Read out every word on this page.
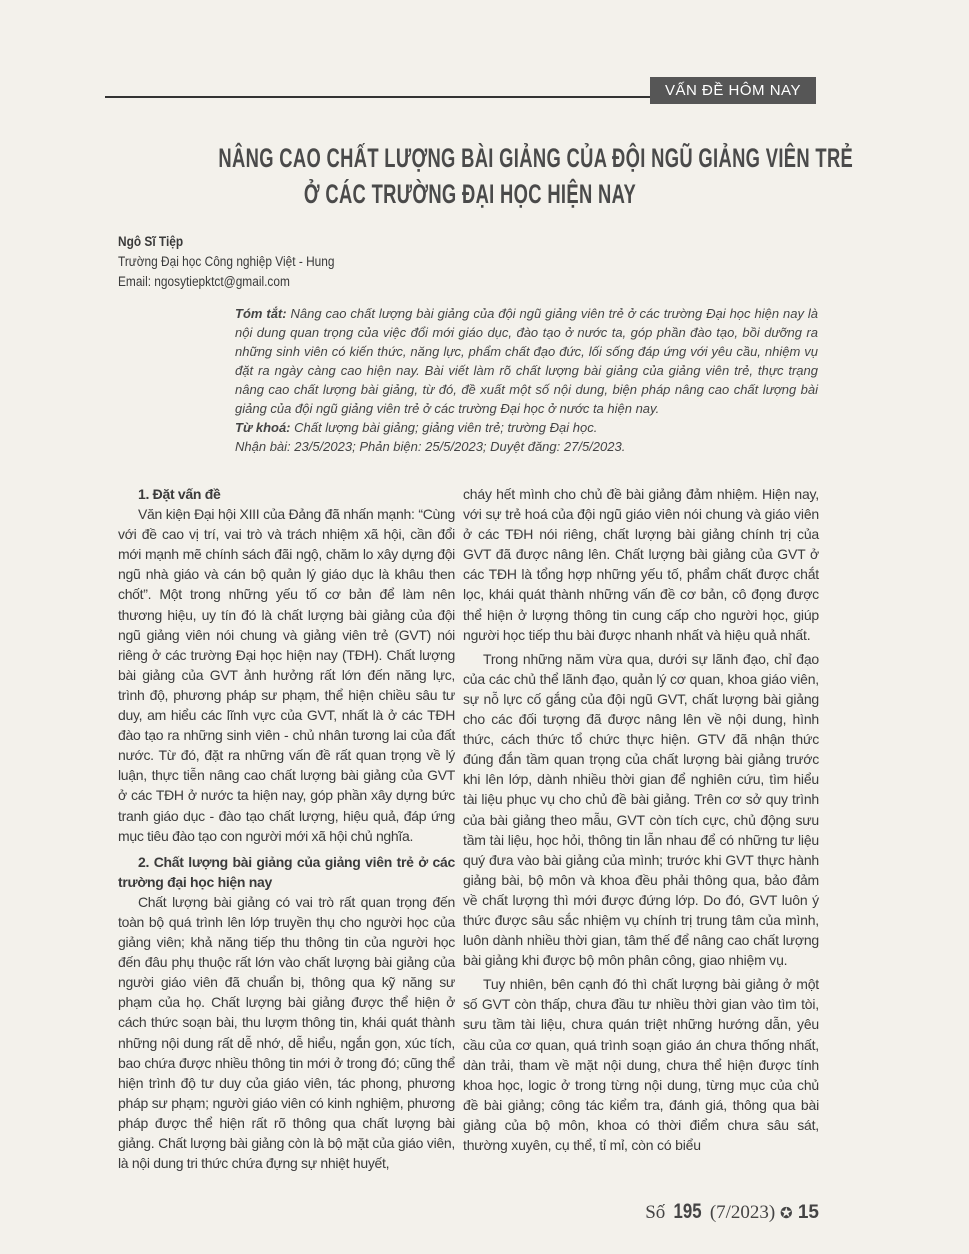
VẤN ĐỀ HÔM NAY
NÂNG CAO CHẤT LƯỢNG BÀI GIẢNG CỦA ĐỘI NGŨ GIẢNG VIÊN TRẺ
Ở CÁC TRƯỜNG ĐẠI HỌC HIỆN NAY
Ngô Sĩ Tiệp
Trường Đại học Công nghiệp Việt - Hung
Email: ngosytiepktct@gmail.com
Tóm tắt: Nâng cao chất lượng bài giảng của đội ngũ giảng viên trẻ ở các trường Đại học hiện nay là nội dung quan trọng của việc đổi mới giáo dục, đào tạo ở nước ta, góp phần đào tạo, bồi dưỡng ra những sinh viên có kiến thức, năng lực, phẩm chất đạo đức, lối sống đáp ứng với yêu cầu, nhiệm vụ đặt ra ngày càng cao hiện nay. Bài viết làm rõ chất lượng bài giảng của giảng viên trẻ, thực trạng nâng cao chất lượng bài giảng, từ đó, đề xuất một số nội dung, biện pháp nâng cao chất lượng bài giảng của đội ngũ giảng viên trẻ ở các trường Đại học ở nước ta hiện nay.
Từ khoá: Chất lượng bài giảng; giảng viên trẻ; trường Đại học.
Nhận bài: 23/5/2023; Phản biện: 25/5/2023; Duyệt đăng: 27/5/2023.
1. Đặt vấn đề

Văn kiện Đại hội XIII của Đảng đã nhấn mạnh: “Cùng với đề cao vị trí, vai trò và trách nhiệm xã hội, cần đổi mới mạnh mẽ chính sách đãi ngộ, chăm lo xây dựng đội ngũ nhà giáo và cán bộ quản lý giáo dục là khâu then chốt”. Một trong những yếu tố cơ bản để làm nên thương hiệu, uy tín đó là chất lượng bài giảng của đội ngũ giảng viên nói chung và giảng viên trẻ (GVT) nói riêng ở các trường Đại học hiện nay (TĐH). Chất lượng bài giảng của GVT ảnh hưởng rất lớn đến năng lực, trình độ, phương pháp sư phạm, thể hiện chiều sâu tư duy, am hiểu các lĩnh vực của GVT, nhất là ở các TĐH đào tạo ra những sinh viên - chủ nhân tương lai của đất nước. Từ đó, đặt ra những vấn đề rất quan trọng về lý luận, thực tiễn nâng cao chất lượng bài giảng của GVT ở các TĐH ở nước ta hiện nay, góp phần xây dựng bức tranh giáo dục - đào tạo chất lượng, hiệu quả, đáp ứng mục tiêu đào tạo con người mới xã hội chủ nghĩa.

2. Chất lượng bài giảng của giảng viên trẻ ở các trường đại học hiện nay

Chất lượng bài giảng có vai trò rất quan trọng đến toàn bộ quá trình lên lớp truyền thụ cho người học của giảng viên; khả năng tiếp thu thông tin của người học đến đâu phụ thuộc rất lớn vào chất lượng bài giảng của người giáo viên đã chuẩn bị, thông qua kỹ năng sư phạm của họ. Chất lượng bài giảng được thể hiện ở cách thức soạn bài, thu lượm thông tin, khái quát thành những nội dung rất dễ nhớ, dễ hiểu, ngắn gọn, xúc tích, bao chứa được nhiều thông tin mới ở trong đó; cũng thể hiện trình độ tư duy của giáo viên, tác phong, phương pháp sư phạm; người giáo viên có kinh nghiệm, phương pháp được thể hiện rất rõ thông qua chất lượng bài giảng. Chất lượng bài giảng còn là bộ mặt của giáo viên, là nội dung tri thức chứa đựng sự nhiệt huyết,

cháy hết mình cho chủ đề bài giảng đảm nhiệm. Hiện nay, với sự trẻ hoá của đội ngũ giáo viên nói chung và giáo viên ở các TĐH nói riêng, chất lượng bài giảng chính trị của GVT đã được nâng lên. Chất lượng bài giảng của GVT ở các TĐH là tổng hợp những yếu tố, phẩm chất được chắt lọc, khái quát thành những vấn đề cơ bản, cô đọng được thể hiện ở lượng thông tin cung cấp cho người học, giúp người học tiếp thu bài được nhanh nhất và hiệu quả nhất.

Trong những năm vừa qua, dưới sự lãnh đạo, chỉ đạo của các chủ thể lãnh đạo, quản lý cơ quan, khoa giáo viên, sự nỗ lực cố gắng của đội ngũ GVT, chất lượng bài giảng cho các đối tượng đã được nâng lên về nội dung, hình thức, cách thức tổ chức thực hiện. GTV đã nhận thức đúng đắn tầm quan trọng của chất lượng bài giảng trước khi lên lớp, dành nhiều thời gian để nghiên cứu, tìm hiểu tài liệu phục vụ cho chủ đề bài giảng. Trên cơ sở quy trình của bài giảng theo mẫu, GVT còn tích cực, chủ động sưu tầm tài liệu, học hỏi, thông tin lẫn nhau để có những tư liệu quý đưa vào bài giảng của mình; trước khi GVT thực hành giảng bài, bộ môn và khoa đều phải thông qua, bảo đảm về chất lượng thì mới được đứng lớp. Do đó, GVT luôn ý thức được sâu sắc nhiệm vụ chính trị trung tâm của mình, luôn dành nhiều thời gian, tâm thế để nâng cao chất lượng bài giảng khi được bộ môn phân công, giao nhiệm vụ.

Tuy nhiên, bên cạnh đó thì chất lượng bài giảng ở một số GVT còn thấp, chưa đầu tư nhiều thời gian vào tìm tòi, sưu tầm tài liệu, chưa quán triệt những hướng dẫn, yêu cầu của cơ quan, quá trình soạn giáo án chưa thống nhất, dàn trải, tham về mặt nội dung, chưa thể hiện được tính khoa học, logic ở trong từng nội dung, từng mục của chủ đề bài giảng; công tác kiểm tra, đánh giá, thông qua bài giảng của bộ môn, khoa có thời điểm chưa sâu sát, thường xuyên, cụ thể, tỉ mỉ, còn có biểu

Số 195 (7/2023) ✪ 15
